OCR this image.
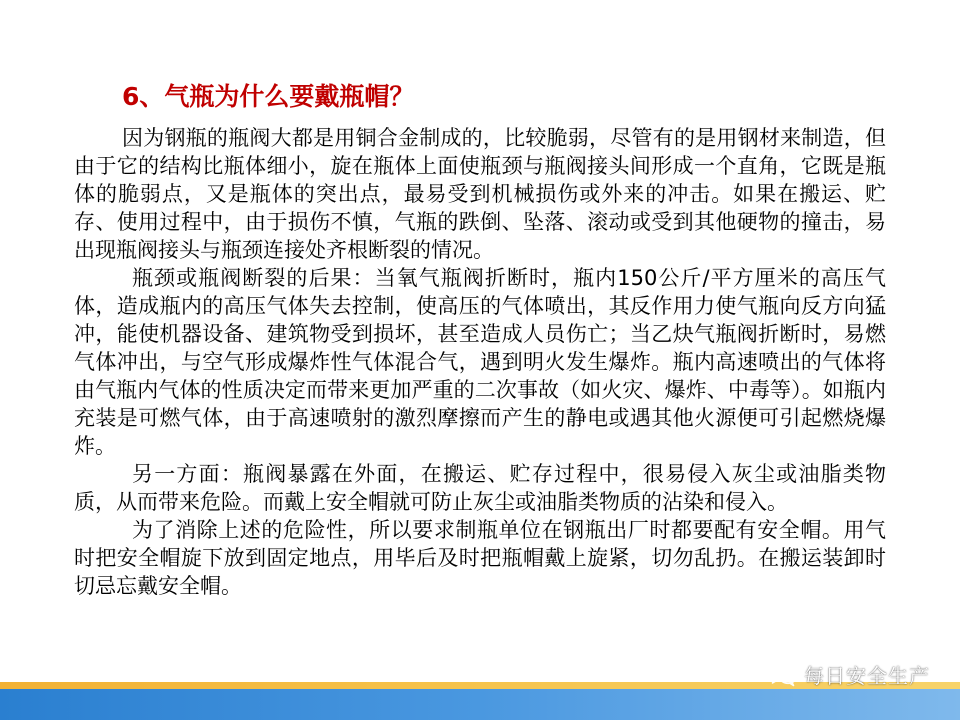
6、气瓶为什么要戴瓶帽？

因为钢瓶的瓶阀大都是用铜合金制成的，比较脆弱，尽管有的是用钢材来制造，但由于它的结构比瓶体细小，旋在瓶体上面使瓶颈与瓶阀接头间形成一个直角，它既是瓶体的脆弱点，又是瓶体的突出点，最易受到机械损伤或外来的冲击。如果在搬运、贮存、使用过程中，由于损伤不慎，气瓶的跌倒、坠落、滚动或受到其他硬物的撞击，易出现瓶阀接头与瓶颈连接处齐根断裂的情况。

瓶颈或瓶阀断裂的后果：当氧气瓶阀折断时，瓶内150公斤/平方厘米的高压气体，造成瓶内的高压气体失去控制，使高压的气体喷出，其反作用力使气瓶向反方向猛冲，能使机器设备、建筑物受到损坏，甚至造成人员伤亡；当乙炔气瓶阀折断时，易燃气体冲出，与空气形成爆炸性气体混合气，遇到明火发生爆炸。瓶内高速喷出的气体将由气瓶内气体的性质决定而带来更加严重的二次事故（如火灾、爆炸、中毒等）。如瓶内充装是可燃气体，由于高速喷射的激烈摩擦而产生的静电或遇其他火源便可引起燃烧爆炸。

另一方面：瓶阀暴露在外面，在搬运、贮存过程中，很易侵入灰尘或油脂类物质，从而带来危险。而戴上安全帽就可防止灰尘或油脂类物质的沾染和侵入。

为了消除上述的危险性，所以要求制瓶单位在钢瓶出厂时都要配有安全帽。用气时把安全帽旋下放到固定地点，用毕后及时把瓶帽戴上旋紧，切勿乱扔。在搬运装卸时切忌忘戴安全帽。

每日安全生产
